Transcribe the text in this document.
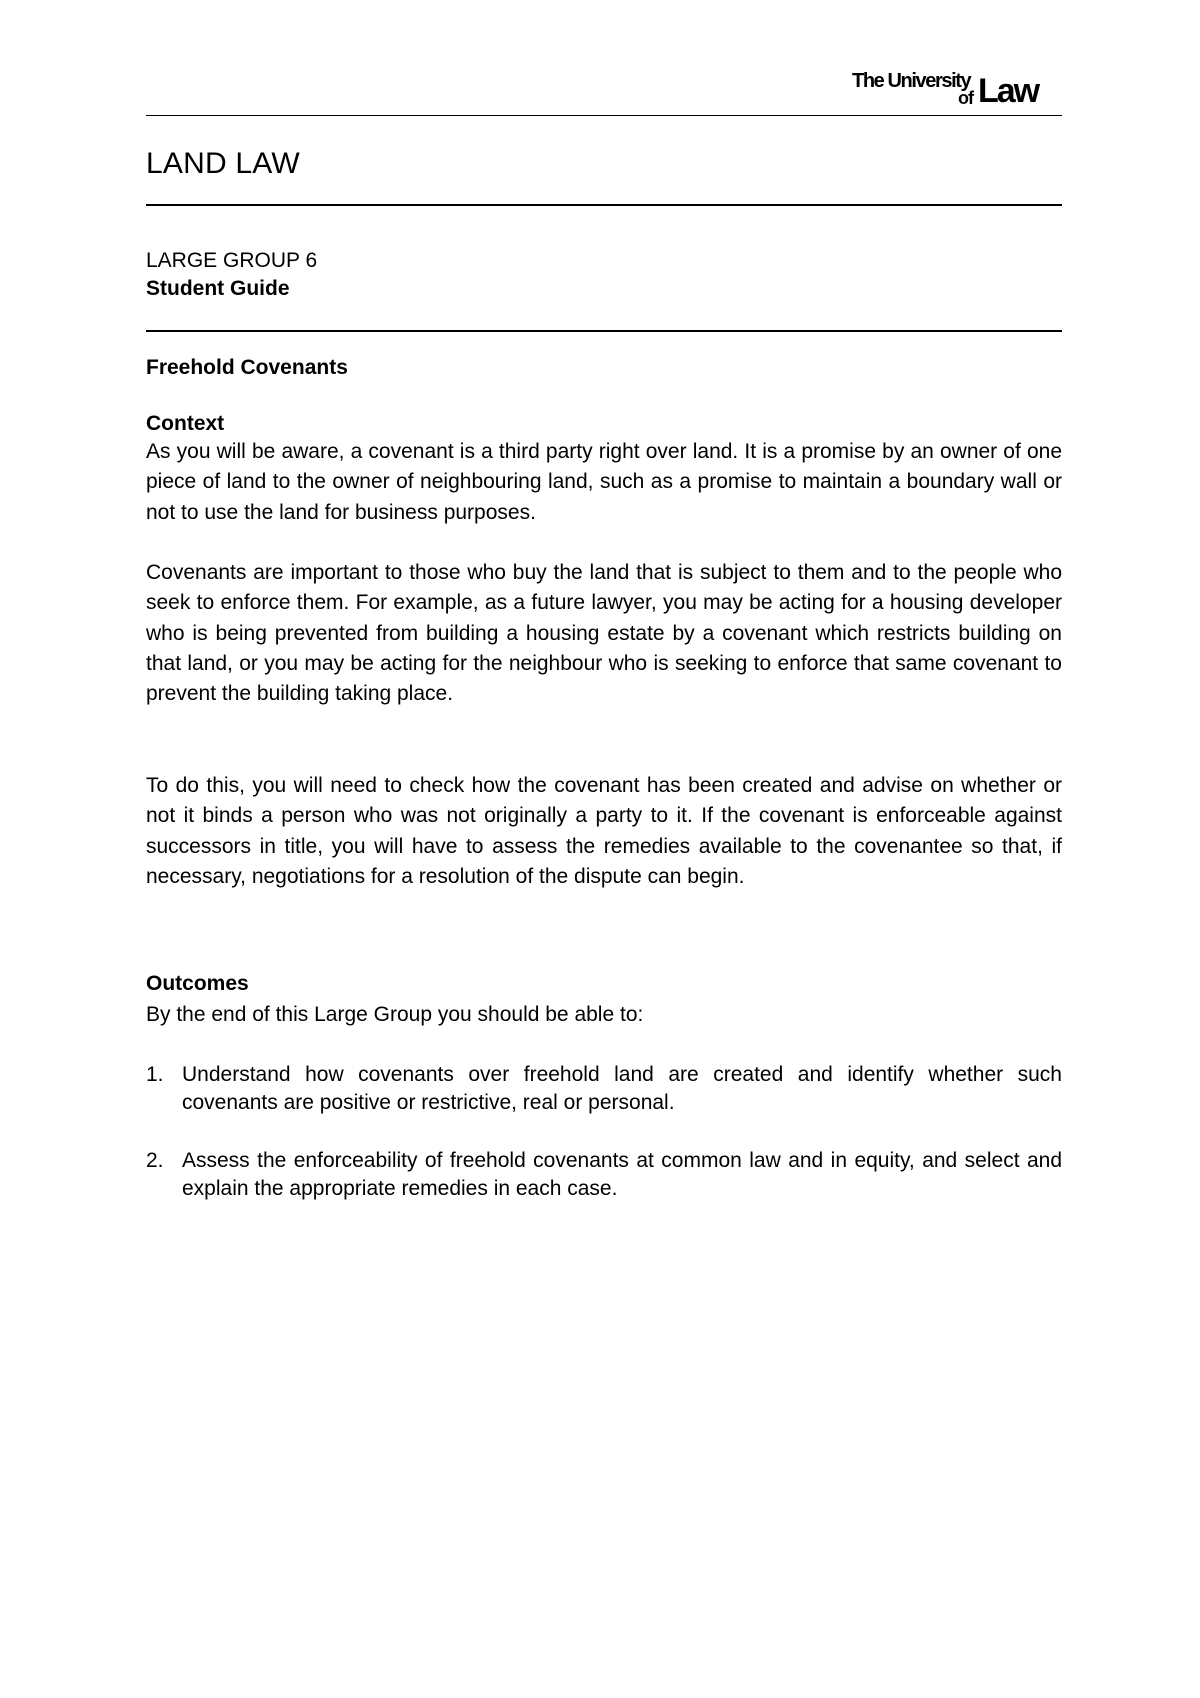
The University
of Law
LAND LAW
LARGE GROUP 6
Student Guide
Freehold Covenants
Context
As you will be aware, a covenant is a third party right over land. It is a promise by an owner of one piece of land to the owner of neighbouring land, such as a promise to maintain a boundary wall or not to use the land for business purposes.
Covenants are important to those who buy the land that is subject to them and to the people who seek to enforce them. For example, as a future lawyer, you may be acting for a housing developer who is being prevented from building a housing estate by a covenant which restricts building on that land, or you may be acting for the neighbour who is seeking to enforce that same covenant to prevent the building taking place.
To do this, you will need to check how the covenant has been created and advise on whether or not it binds a person who was not originally a party to it. If the covenant is enforceable against successors in title, you will have to assess the remedies available to the covenantee so that, if necessary, negotiations for a resolution of the dispute can begin.
Outcomes
By the end of this Large Group you should be able to:
1. Understand how covenants over freehold land are created and identify whether such covenants are positive or restrictive, real or personal.
2. Assess the enforceability of freehold covenants at common law and in equity, and select and explain the appropriate remedies in each case.
